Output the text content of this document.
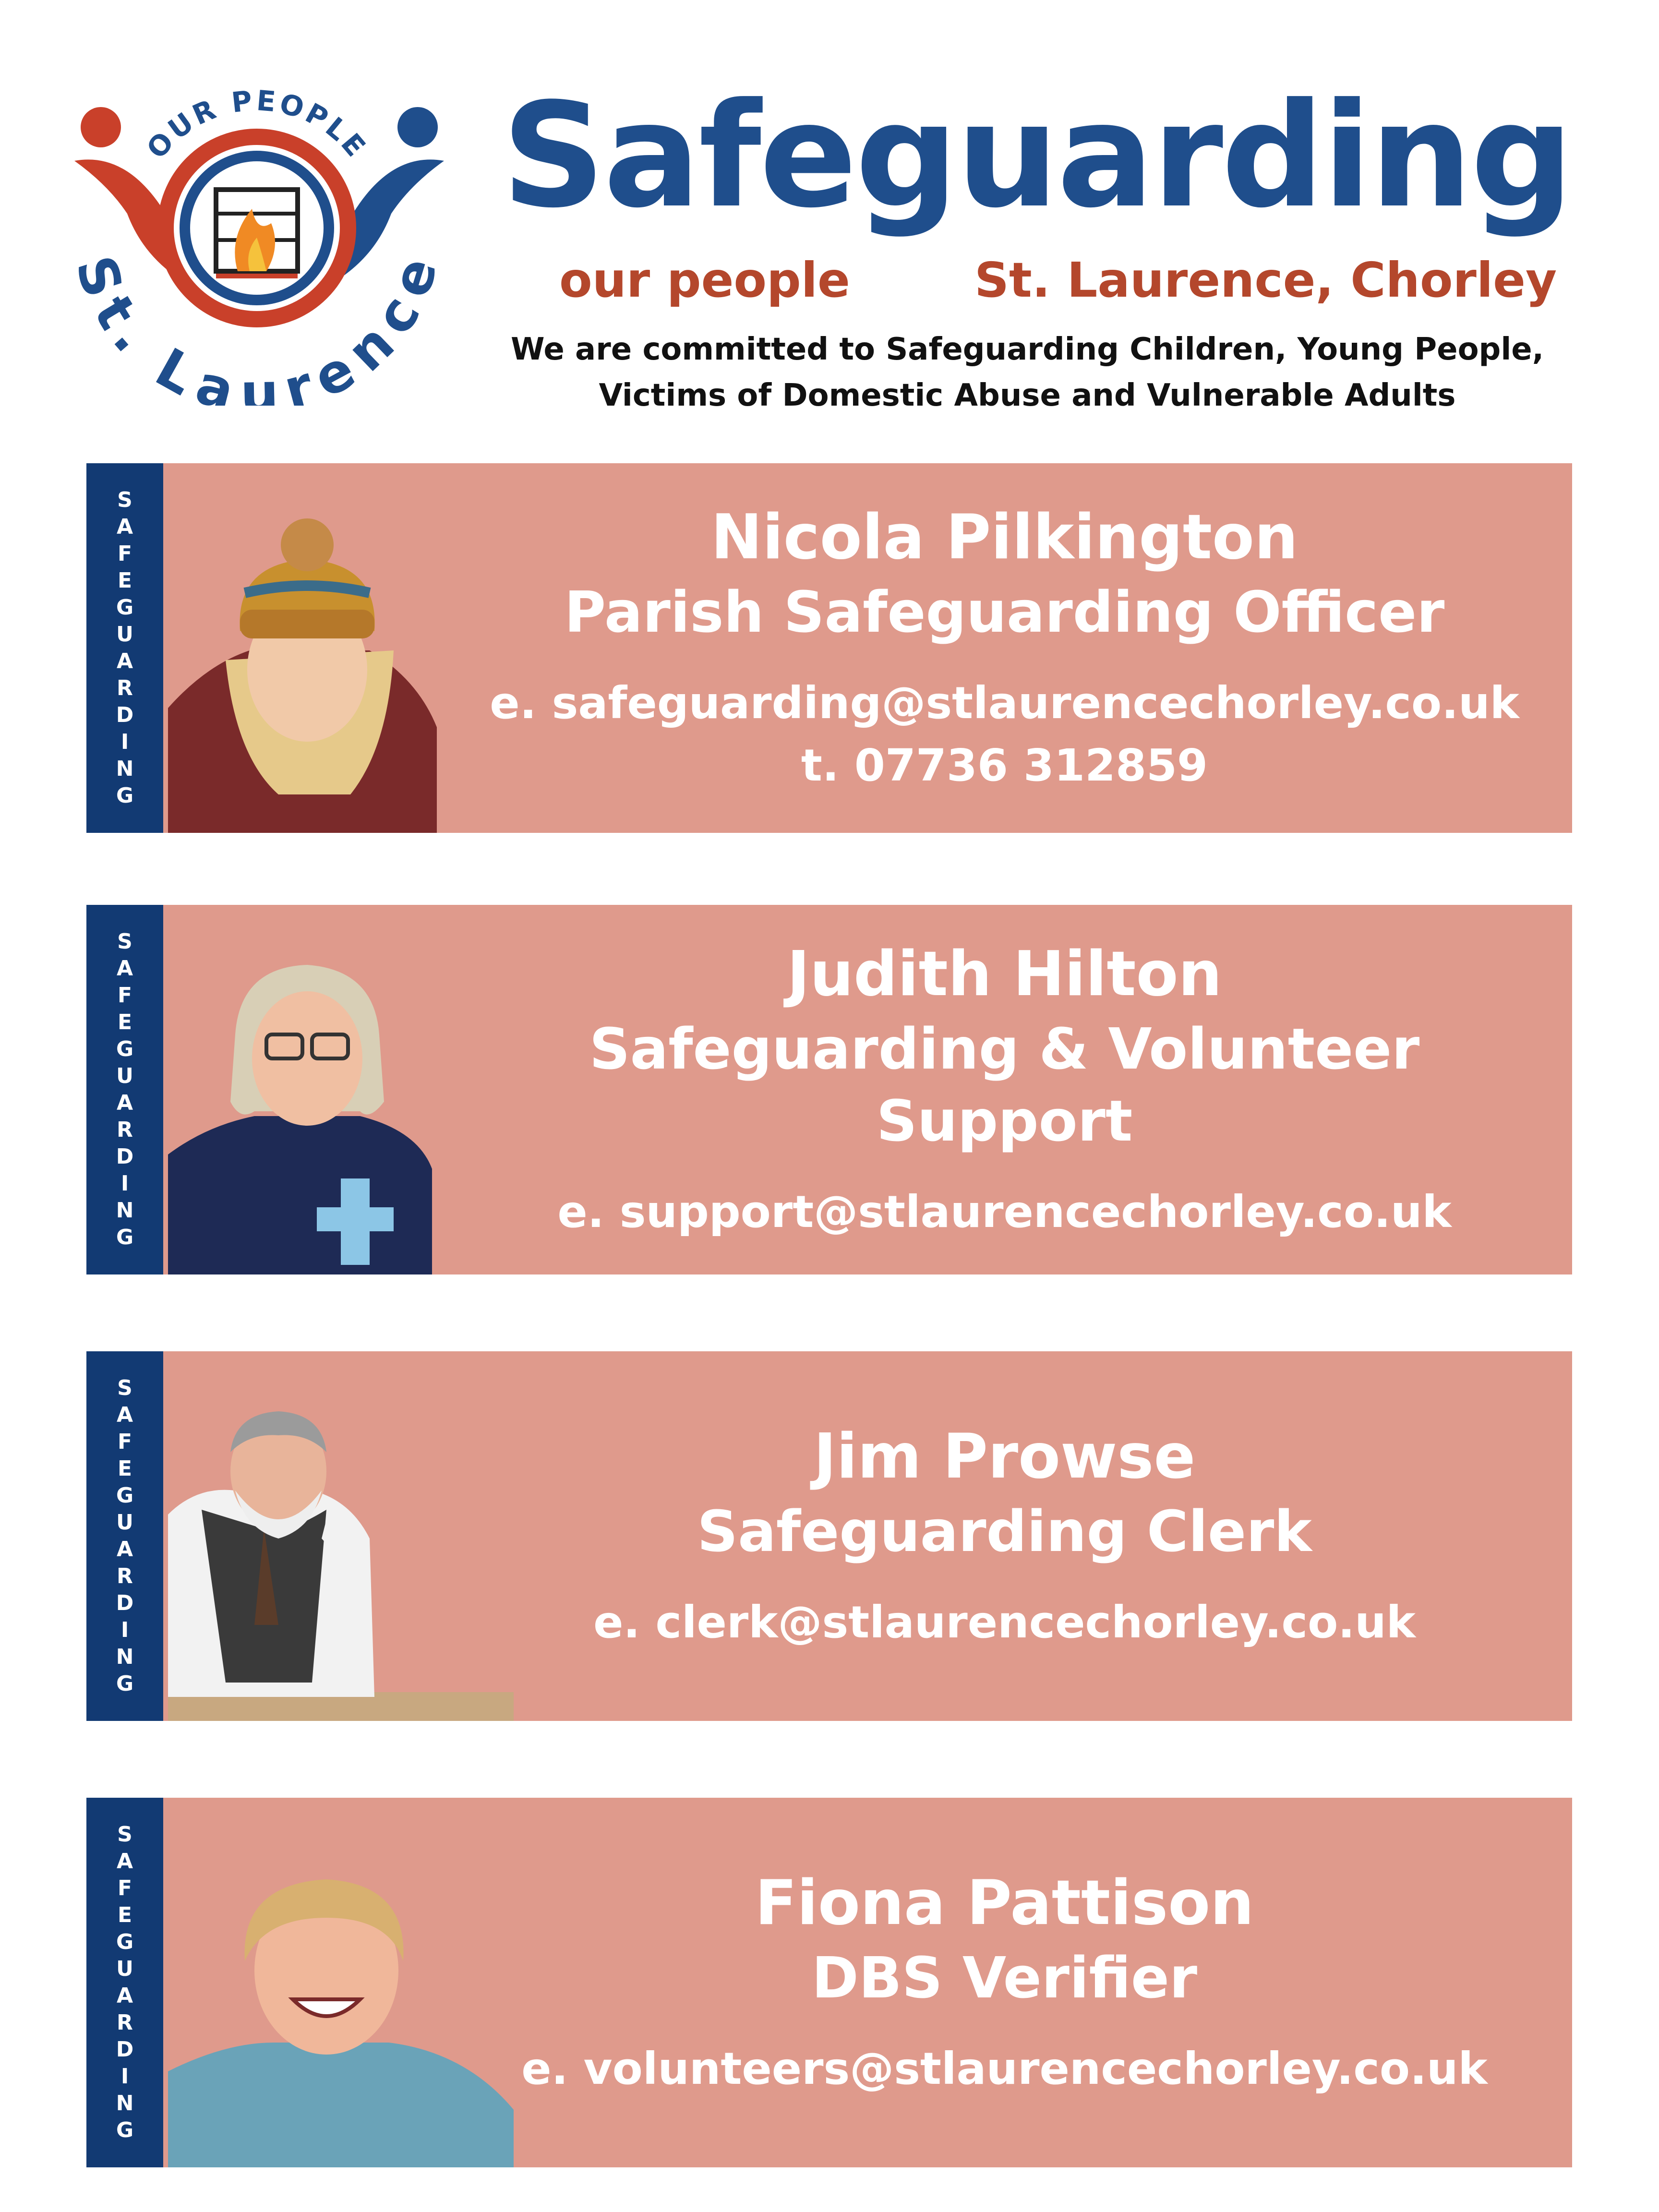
OUR PEOPLE
St. Laurence
Safeguarding
our people	St. Laurence, Chorley
We are committed to Safeguarding Children, Young People,
Victims of Domestic Abuse and Vulnerable Adults
S
A
F
E
G
U
A
R
D
I
N
G
Nicola Pilkington
Parish Safeguarding Officer
e. safeguarding@stlaurencechorley.co.uk
t. 07736 312859
S
A
F
E
G
U
A
R
D
I
N
G
Judith Hilton
Safeguarding & Volunteer Support
e. support@stlaurencechorley.co.uk
S
A
F
E
G
U
A
R
D
I
N
G
Jim Prowse
Safeguarding Clerk
e. clerk@stlaurencechorley.co.uk
S
A
F
E
G
U
A
R
D
I
N
G
Fiona Pattison
DBS Verifier
e. volunteers@stlaurencechorley.co.uk
